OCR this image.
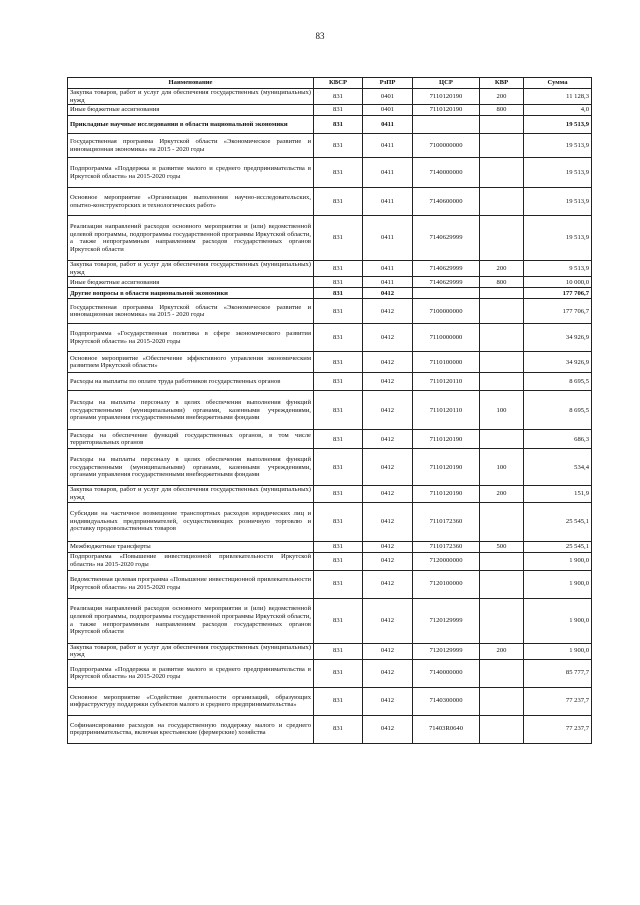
83
Наименование	КВСР	РзПР	ЦСР	КВР	Сумма
Закупка товаров, работ и услуг для обеспечения государственных (муниципальных) нужд	831	0401	7110120190	200	11 128,3
Иные бюджетные ассигнования	831	0401	7110120190	800	4,0
Прикладные научные исследования в области национальной экономики	831	0411			19 513,9
Государственная программа Иркутской области «Экономическое развитие и инновационная экономика» на 2015 - 2020 годы	831	0411	7100000000		19 513,9
Подпрограмма «Поддержка и развитие малого и среднего предпринимательства в Иркутской области» на 2015-2020 годы	831	0411	7140000000		19 513,9
Основное мероприятие «Организация выполнения научно-исследовательских, опытно-конструкторских и технологических работ»	831	0411	7140600000		19 513,9
Реализация направлений расходов основного мероприятия и (или) ведомственной целевой программы, подпрограммы государственной программы Иркутской области, а также непрограммным направлениям расходов государственных органов Иркутской области	831	0411	7140629999		19 513,9
Закупка товаров, работ и услуг для обеспечения государственных (муниципальных) нужд	831	0411	7140629999	200	9 513,9
Иные бюджетные ассигнования	831	0411	7140629999	800	10 000,0
Другие вопросы в области национальной экономики	831	0412			177 706,7
Государственная программа Иркутской области «Экономическое развитие и инновационная экономика» на 2015 - 2020 годы	831	0412	7100000000		177 706,7
Подпрограмма «Государственная политика в сфере экономического развития Иркутской области» на 2015-2020 годы	831	0412	7110000000		34 926,9
Основное мероприятие «Обеспечение эффективного управления экономическим развитием Иркутской области»	831	0412	7110100000		34 926,9
Расходы на выплаты по оплате труда работников государственных органов	831	0412	7110120110		8 695,5
Расходы на выплаты персоналу в целях обеспечения выполнения функций государственными (муниципальными) органами, казенными учреждениями, органами управления государственными внебюджетными фондами	831	0412	7110120110	100	8 695,5
Расходы на обеспечение функций государственных органов, в том числе территориальных органов	831	0412	7110120190		686,3
Расходы на выплаты персоналу в целях обеспечения выполнения функций государственными (муниципальными) органами, казенными учреждениями, органами управления государственными внебюджетными фондами	831	0412	7110120190	100	534,4
Закупка товаров, работ и услуг для обеспечения государственных (муниципальных) нужд	831	0412	7110120190	200	151,9
Субсидии на частичное возмещение транспортных расходов юридических лиц и индивидуальных предпринимателей, осуществляющих розничную торговлю и доставку продовольственных товаров	831	0412	7110172360		25 545,1
Межбюджетные трансферты	831	0412	7110172360	500	25 545,1
Подпрограмма «Повышение инвестиционной привлекательности Иркутской области» на 2015-2020 годы	831	0412	7120000000		1 900,0
Ведомственная целевая программа «Повышение инвестиционной привлекательности Иркутской области» на 2015-2020 годы	831	0412	7120100000		1 900,0
Реализация направлений расходов основного мероприятия и (или) ведомственной целевой программы, подпрограммы государственной программы Иркутской области, а также непрограммным направлениям расходов государственных органов Иркутской области	831	0412	7120129999		1 900,0
Закупка товаров, работ и услуг для обеспечения государственных (муниципальных) нужд	831	0412	7120129999	200	1 900,0
Подпрограмма «Поддержка и развитие малого и среднего предпринимательства в Иркутской области» на 2015-2020 годы	831	0412	7140000000		85 777,7
Основное мероприятие «Содействие деятельности организаций, образующих инфраструктуру поддержки субъектов малого и среднего предпринимательства»	831	0412	7140300000		77 237,7
Софинансирование расходов на государственную поддержку малого и среднего предпринимательства, включая крестьянские (фермерские) хозяйства	831	0412	71403R0640		77 237,7
